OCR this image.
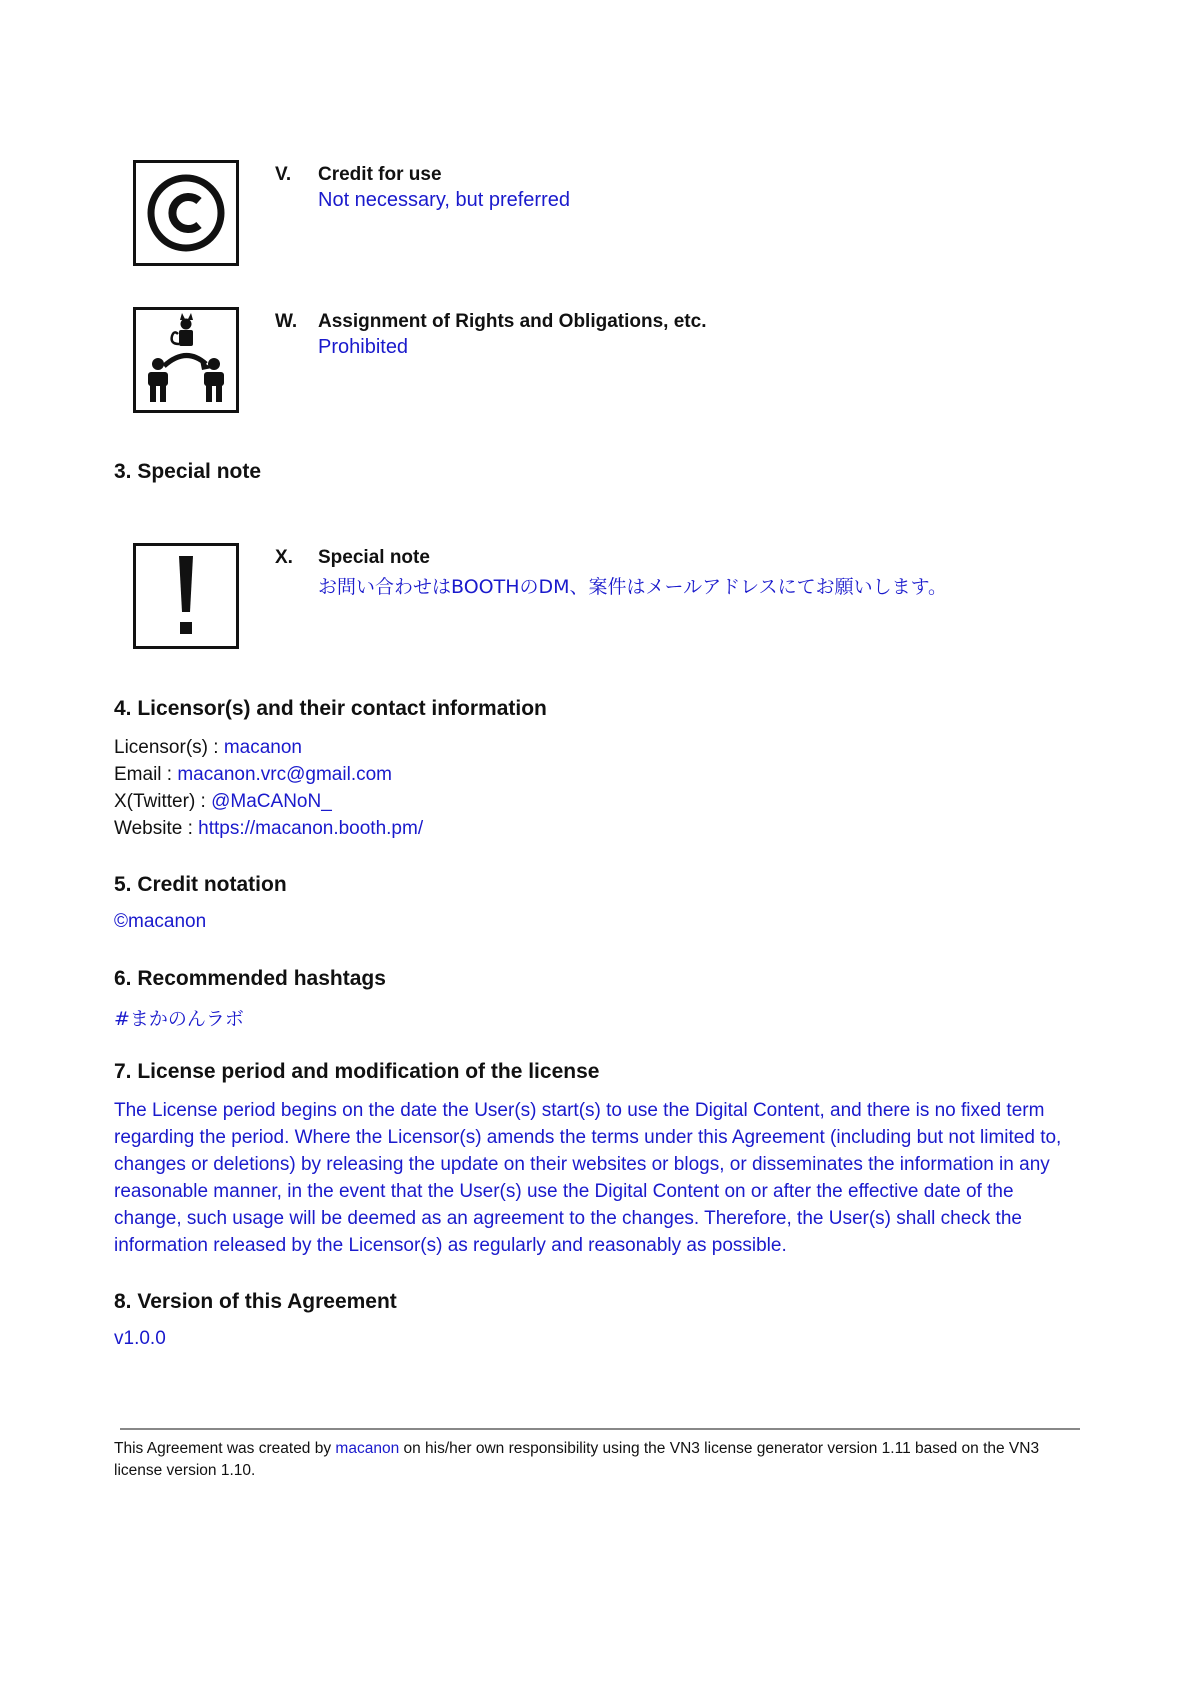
V. Credit for use
Not necessary, but preferred
W. Assignment of Rights and Obligations, etc.
Prohibited
3. Special note
X. Special note
お問い合わせはBOOTHのDM、案件はメールアドレスにてお願いします。
4. Licensor(s) and their contact information
Licensor(s) : macanon
Email : macanon.vrc@gmail.com
X(Twitter) : @MaCANoN_
Website : https://macanon.booth.pm/
5. Credit notation
©macanon
6. Recommended hashtags
#まかのんラボ
7. License period and modification of the license

The License period begins on the date the User(s) start(s) to use the Digital Content, and there is no fixed term regarding the period. Where the Licensor(s) amends the terms under this Agreement (including but not limited to, changes or deletions) by releasing the update on their websites or blogs, or disseminates the information in any reasonable manner, in the event that the User(s) use the Digital Content on or after the effective date of the change, such usage will be deemed as an agreement to the changes. Therefore, the User(s) shall check the information released by the Licensor(s) as regularly and reasonably as possible.

8. Version of this Agreement
v1.0.0

This Agreement was created by macanon on his/her own responsibility using the VN3 license generator version 1.11 based on the VN3 license version 1.10.
